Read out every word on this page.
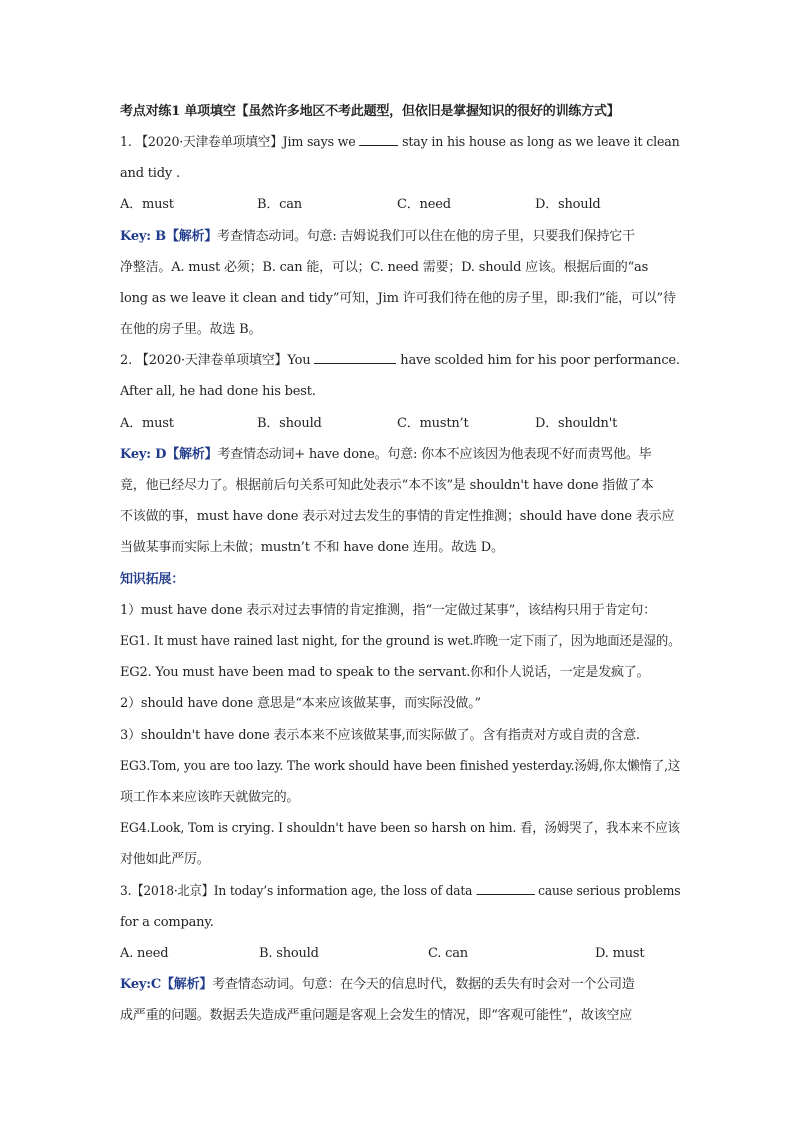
考点对练1 单项填空【虽然许多地区不考此题型，但依旧是掌握知识的很好的训练方式】
1. 【2020·天津卷单项填空】Jim says we	stay in his house as long as we leave it clean
and tidy .
A．must	B．can	C．need	D．should
Key: B【解析】考查情态动词。句意: 吉姆说我们可以住在他的房子里，只要我们保持它干
净整洁。A. must 必须；B. can 能，可以；C. need 需要；D. should 应该。根据后面的“as
long as we leave it clean and tidy”可知，Jim 许可我们待在他的房子里，即:我们”能，可以”待
在他的房子里。故选 B。
2. 【2020·天津卷单项填空】You	have scolded him for his poor performance.
After all, he had done his best.
A．must	B．should	C．mustn’t	D．shouldn't
Key: D【解析】考查情态动词+ have done。句意: 你本不应该因为他表现不好而责骂他。毕
竟，他已经尽力了。根据前后句关系可知此处表示“本不该”是 shouldn't have done 指做了本
不该做的事，must have done 表示对过去发生的事情的肯定性推测；should have done 表示应
当做某事而实际上未做；mustn’t 不和 have done 连用。故选 D。
知识拓展：
1）must have done 表示对过去事情的肯定推测，指“一定做过某事”，该结构只用于肯定句：
EG1. It must have rained last night, for the ground is wet.昨晚一定下雨了，因为地面还是湿的。
EG2. You must have been mad to speak to the servant.你和仆人说话，一定是发疯了。
2）should have done 意思是“本来应该做某事，而实际没做。”
3）shouldn't have done 表示本来不应该做某事,而实际做了。含有指责对方或自责的含意.
EG3.Tom, you are too lazy. The work should have been finished yesterday.汤姆,你太懒惰了,这
项工作本来应该昨天就做完的。
EG4.Look, Tom is crying. I shouldn't have been so harsh on him. 看，汤姆哭了，我本来不应该
对他如此严厉。
3.【2018·北京】In today’s information age, the loss of data	cause serious problems
for a company.
A. need	B. should	C. can	D. must
Key:C【解析】考查情态动词。句意：在今天的信息时代，数据的丢失有时会对一个公司造
成严重的问题。数据丢失造成严重问题是客观上会发生的情况，即“客观可能性”，故该空应
